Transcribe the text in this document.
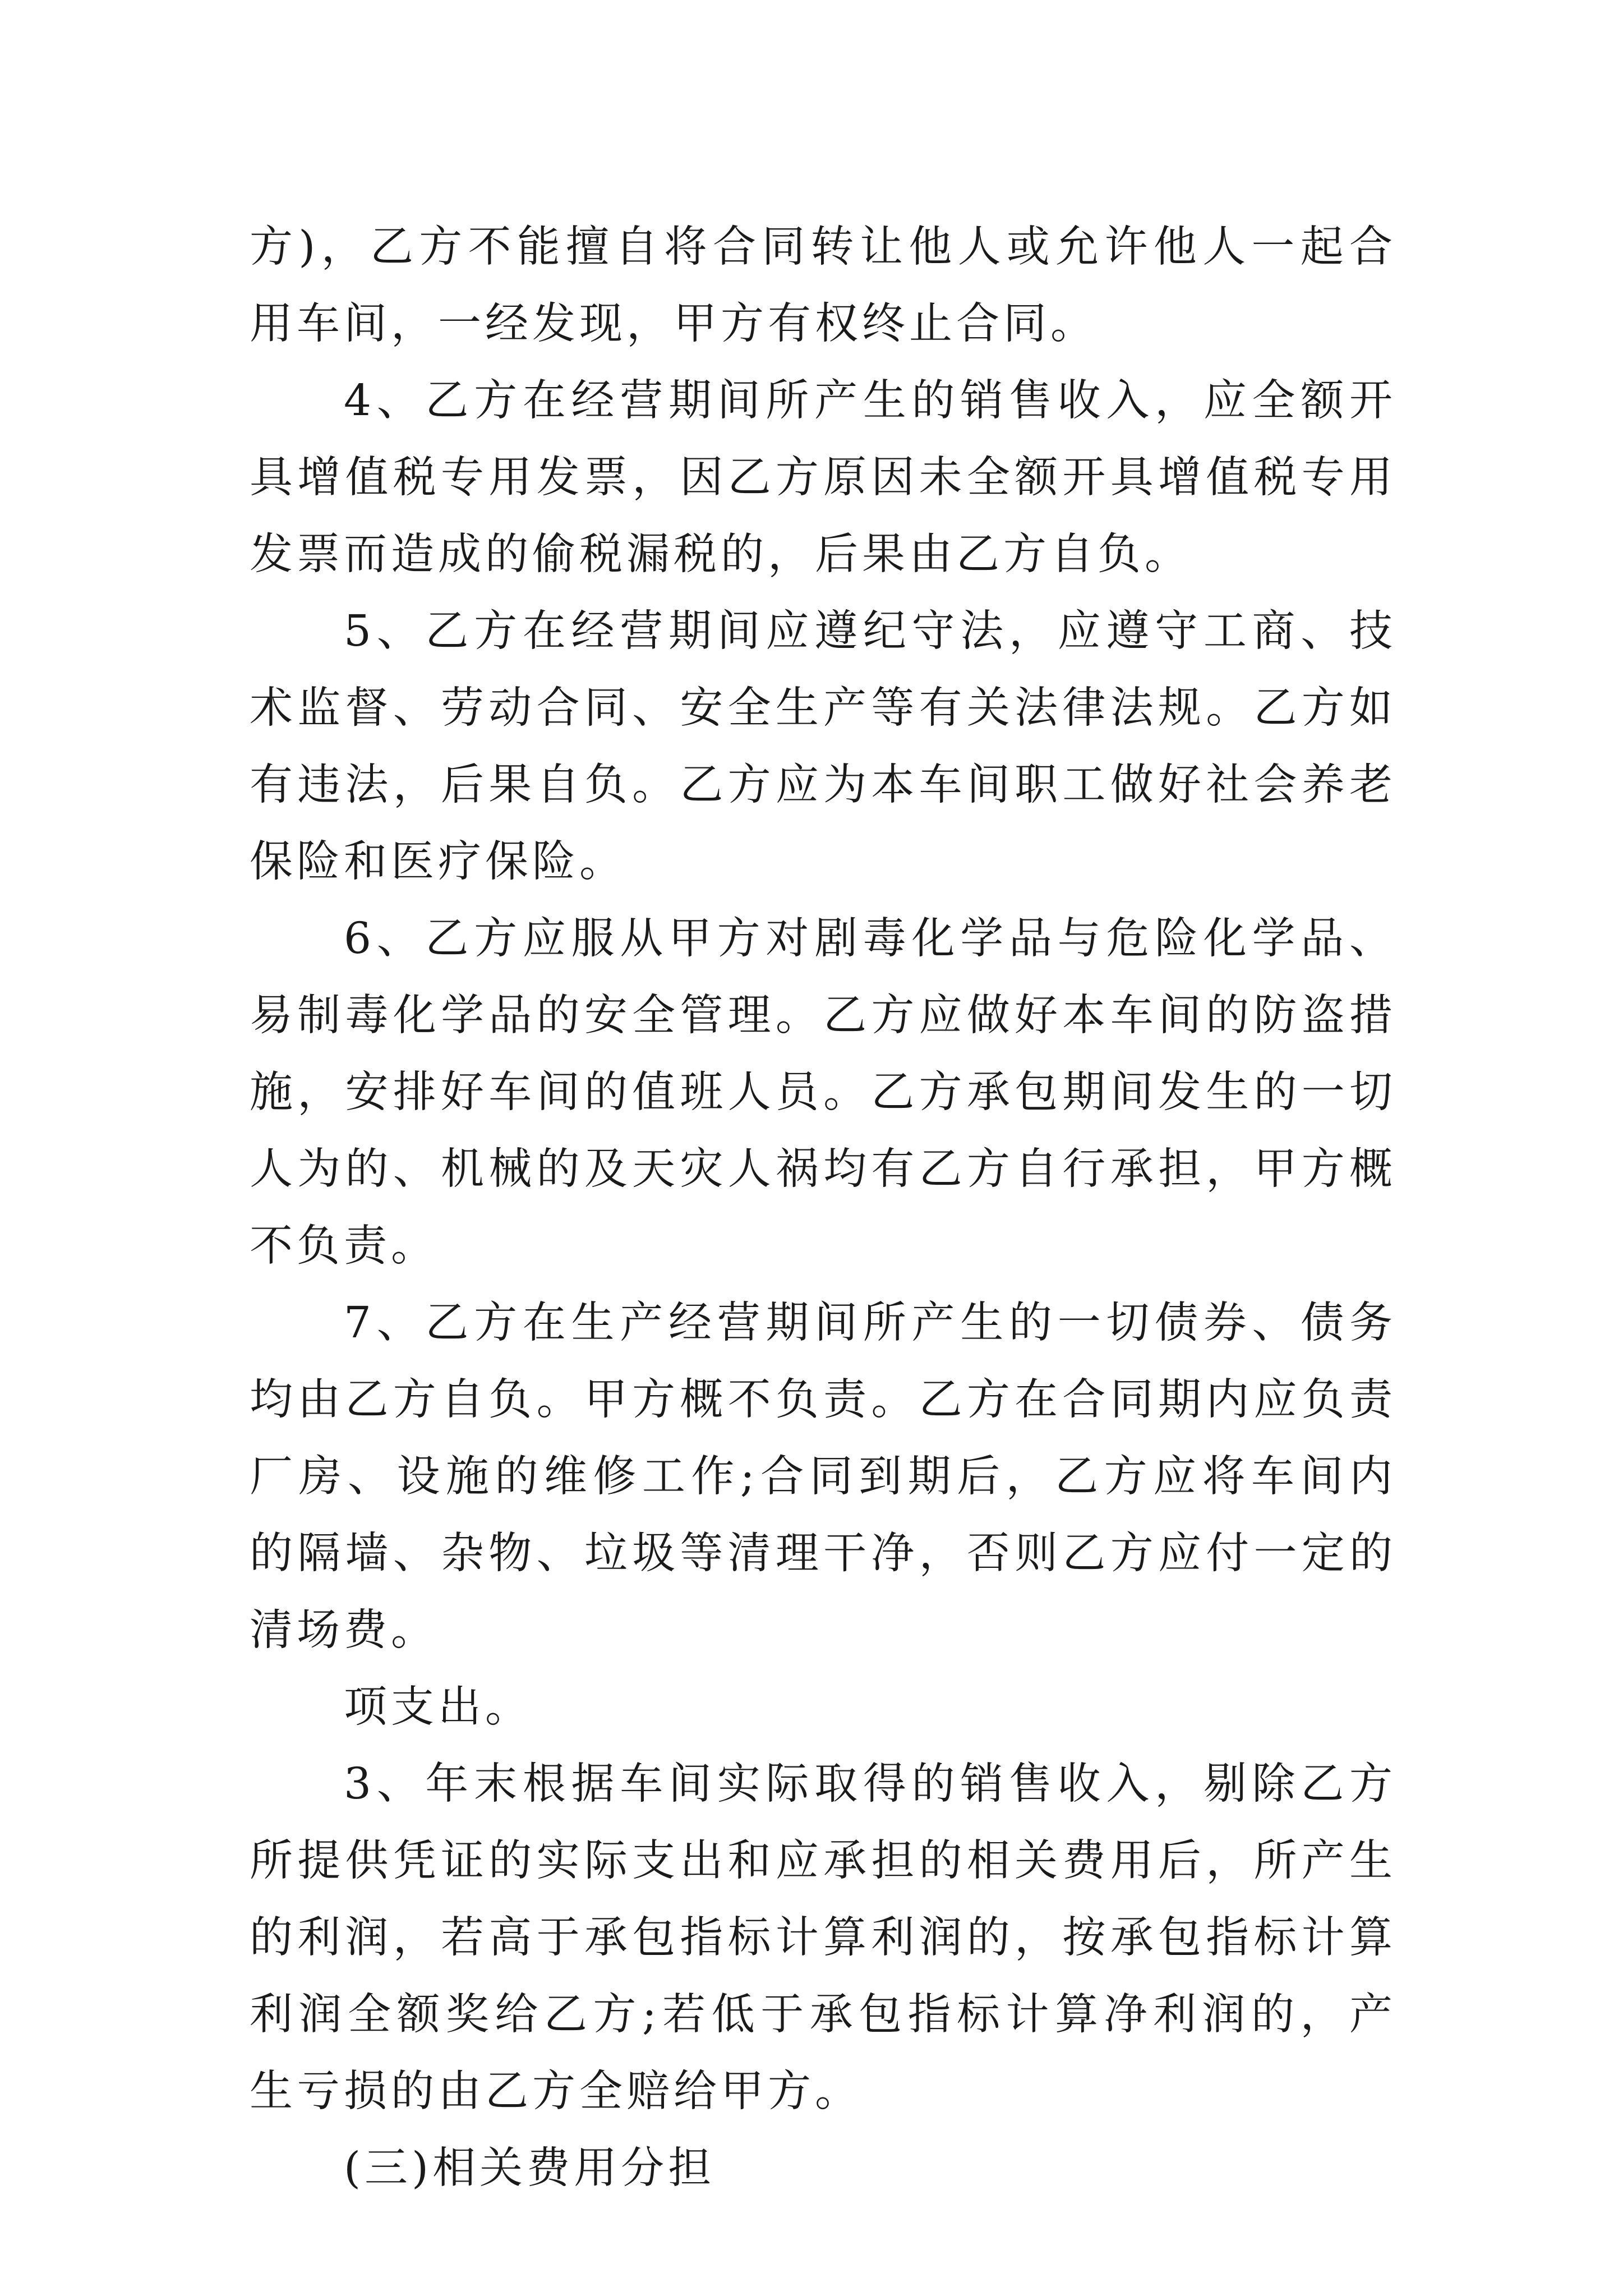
方)，乙方不能擅自将合同转让他人或允许他人一起合用车间，一经发现，甲方有权终止合同。

4、乙方在经营期间所产生的销售收入，应全额开具增值税专用发票，因乙方原因未全额开具增值税专用发票而造成的偷税漏税的，后果由乙方自负。

5、乙方在经营期间应遵纪守法，应遵守工商、技术监督、劳动合同、安全生产等有关法律法规。乙方如有违法，后果自负。乙方应为本车间职工做好社会养老保险和医疗保险。

6、乙方应服从甲方对剧毒化学品与危险化学品、易制毒化学品的安全管理。乙方应做好本车间的防盗措施，安排好车间的值班人员。乙方承包期间发生的一切人为的、机械的及天灾人祸均有乙方自行承担，甲方概不负责。

7、乙方在生产经营期间所产生的一切债券、债务均由乙方自负。甲方概不负责。乙方在合同期内应负责厂房、设施的维修工作;合同到期后，乙方应将车间内的隔墙、杂物、垃圾等清理干净，否则乙方应付一定的清场费。

项支出。

3、年末根据车间实际取得的销售收入，剔除乙方所提供凭证的实际支出和应承担的相关费用后，所产生的利润，若高于承包指标计算利润的，按承包指标计算利润全额奖给乙方;若低于承包指标计算净利润的，产生亏损的由乙方全赔给甲方。

(三)相关费用分担
